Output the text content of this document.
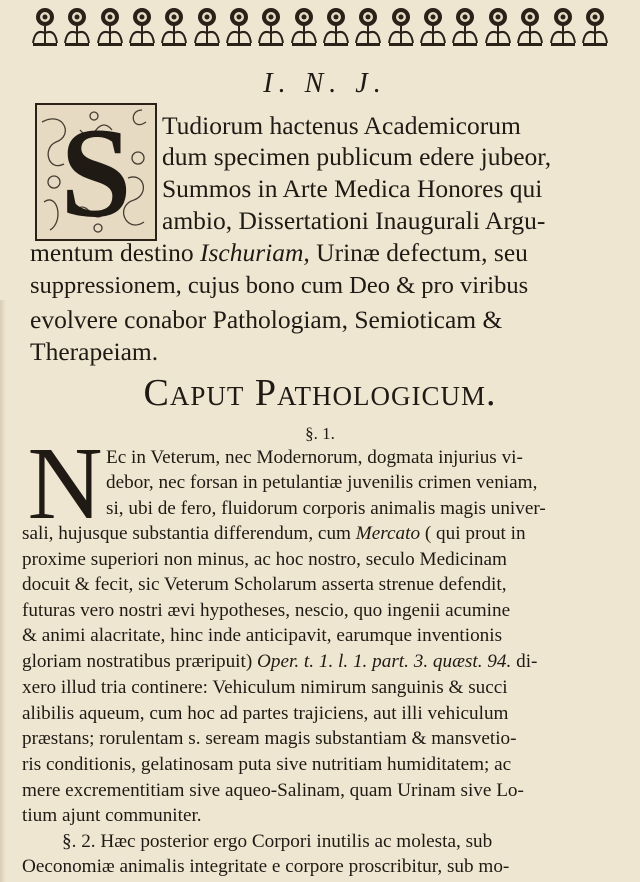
I. N. J.
S Tudiorum hactenus Academicorum
dum specimen publicum edere jubeor,
Summos in Arte Medica Honores qui
ambio, Dissertationi Inaugurali Argu-
mentum destino Ischuriam, Urinæ defectum, seu
suppressionem, cujus bono cum Deo & pro viribus
evolvere conabor Pathologiam, Semioticam &
Therapeiam.
Caput Pathologicum.
§. 1.
N Ec in Veterum, nec Modernorum, dogmata injurius vi-
debor, nec forsan in petulantiæ juvenilis crimen veniam,
si, ubi de fero, fluidorum corporis animalis magis univer-
sali, hujusque substantia differendum, cum Mercato ( qui prout in
proxime superiori non minus, ac hoc nostro, seculo Medicinam
docuit & fecit, sic Veterum Scholarum asserta strenue defendit,
futuras vero nostri ævi hypotheses, nescio, quo ingenii acumine
& animi alacritate, hinc inde anticipavit, earumque inventionis
gloriam nostratibus præripuit) Oper. t. 1. l. 1. part. 3. quæst. 94. di-
xero illud tria continere: Vehiculum nimirum sanguinis & succi
alibilis aqueum, cum hoc ad partes trajiciens, aut illi vehiculum
præstans; rorulentam s. seream magis substantiam & mansvetio-
ris conditionis, gelatinosam puta sive nutritiam humiditatem; ac
mere excrementitiam sive aqueo-Salinam, quam Urinam sive Lo-
tium ajunt communiter.
§. 2. Hæc posterior ergo Corpori inutilis ac molesta, sub
Oeconomiæ animalis integritate e corpore proscribitur, sub mo-
